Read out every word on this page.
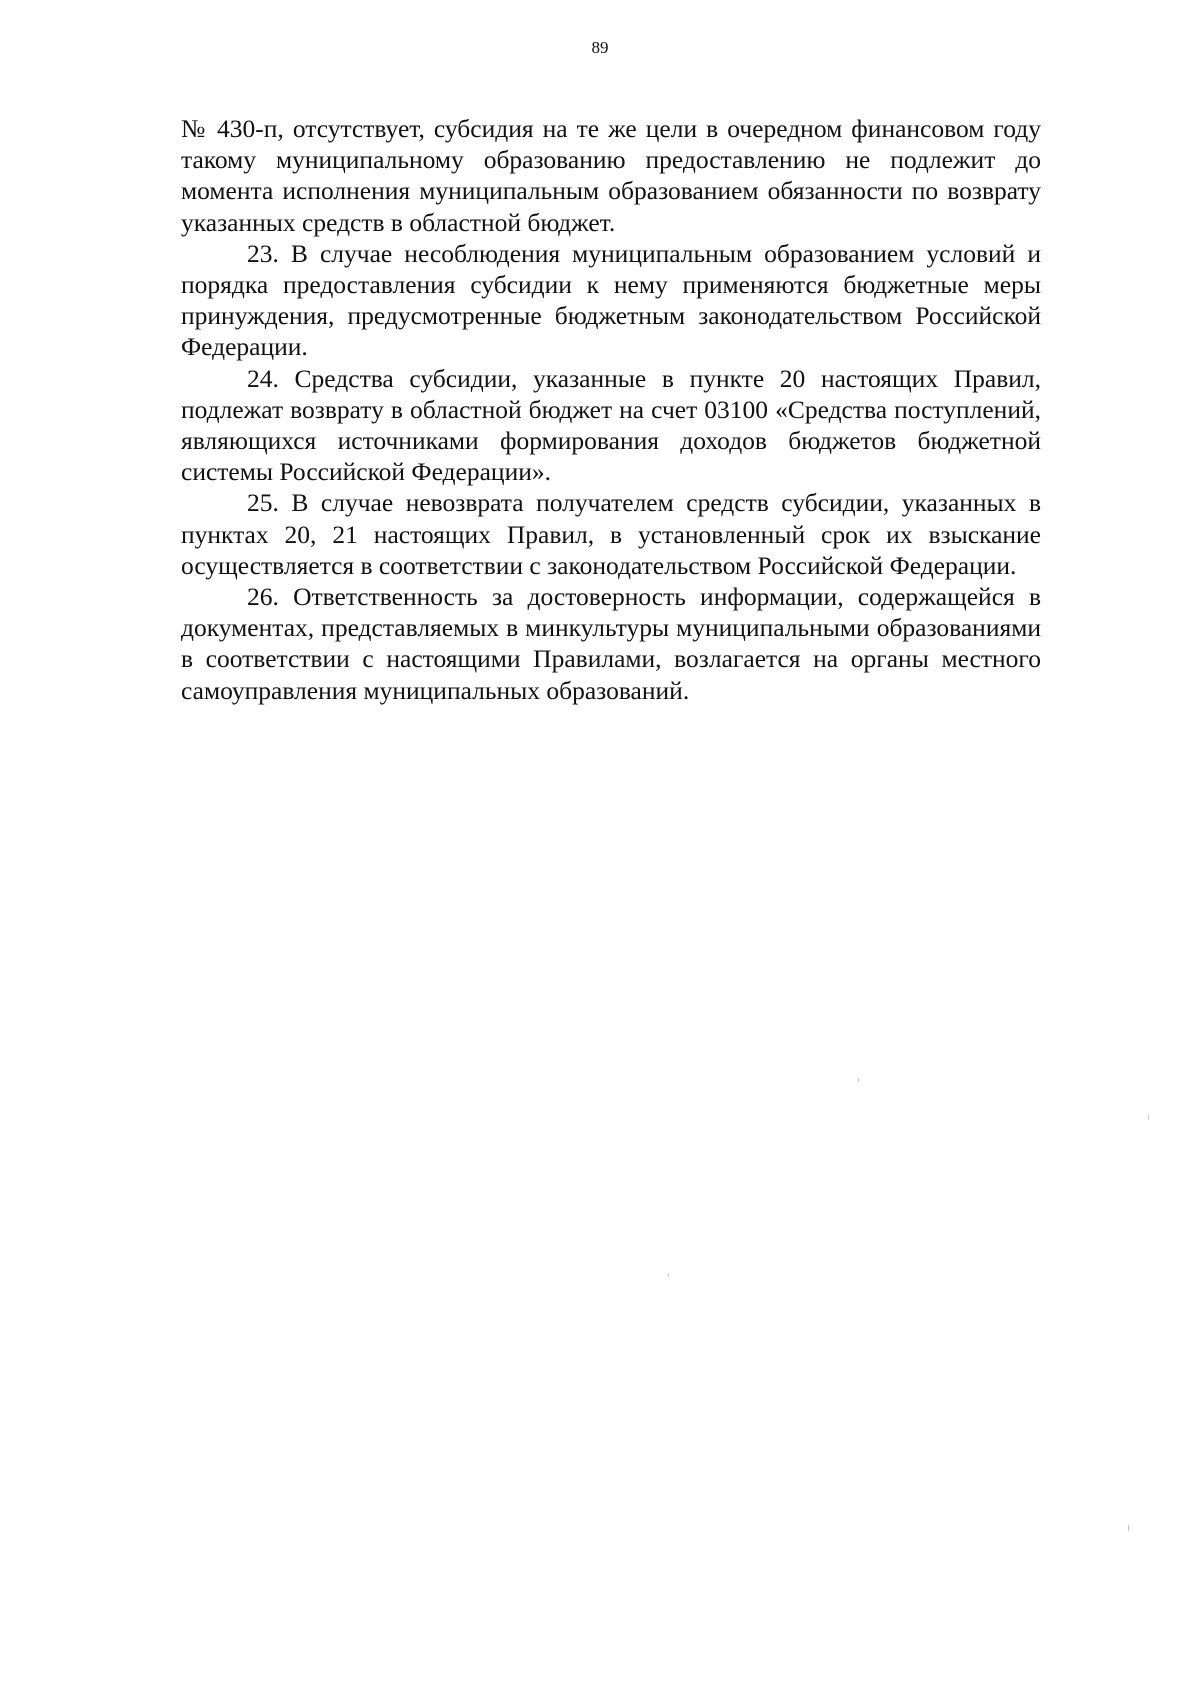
89

№ 430-п, отсутствует, субсидия на те же цели в очередном финансовом году такому муниципальному образованию предоставлению не подлежит до момента исполнения муниципальным образованием обязанности по возврату указанных средств в областной бюджет.

23. В случае несоблюдения муниципальным образованием условий и порядка предоставления субсидии к нему применяются бюджетные меры принуждения, предусмотренные бюджетным законодательством Российской Федерации.

24. Средства субсидии, указанные в пункте 20 настоящих Правил, подлежат возврату в областной бюджет на счет 03100 «Средства поступлений, являющихся источниками формирования доходов бюджетов бюджетной системы Российской Федерации».

25. В случае невозврата получателем средств субсидии, указанных в пунктах 20, 21 настоящих Правил, в установленный срок их взыскание осуществляется в соответствии с законодательством Российской Федерации.

26. Ответственность за достоверность информации, содержащейся в документах, представляемых в минкультуры муниципальными образованиями в соответствии с настоящими Правилами, возлагается на органы местного самоуправления муниципальных образований.
